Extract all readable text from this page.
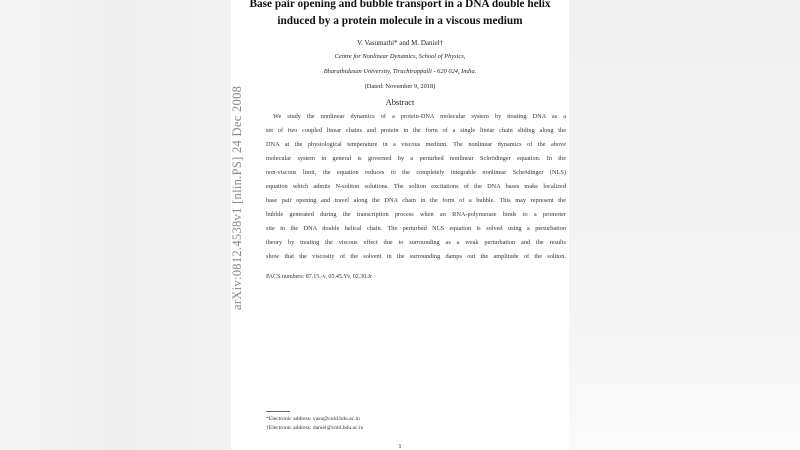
arXiv:0812.4538v1 [nlin.PS] 24 Dec 2008
Base pair opening and bubble transport in a DNA double helix
induced by a protein molecule in a viscous medium
V. Vasumathi* and M. Daniel†
Centre for Nonlinear Dynamics, School of Physics,
Bharathidasan University, Tiruchirappalli - 620 024, India.
(Dated: November 9, 2018)
Abstract
We study the nonlinear dynamics of a protein-DNA molecular system by treating DNA as a
set of two coupled linear chains and protein in the form of a single linear chain sliding along the
DNA at the physiological temperature in a viscous medium. The nonlinear dynamics of the above
molecular system in general is governed by a perturbed nonlinear Schrödinger equation. In the
non-viscous limit, the equation reduces to the completely integrable nonlinear Schrödinger (NLS)
equation which admits N-soliton solutions. The soliton excitations of the DNA bases make localized
base pair opening and travel along the DNA chain in the form of a bubble. This may represent the
bubble generated during the transcription process when an RNA-polymerase binds to a promoter
site in the DNA double helical chain. The perturbed NLS equation is solved using a perturbation
theory by treating the viscous effect due to surrounding as a weak perturbation and the results
show that the viscosity of the solvent in the surrounding damps out the amplitude of the soliton.
PACS numbers: 87.15.-v, 05.45.Yv, 02.30.Jr
*Electronic address: vasu@cnld.bdu.ac.in
†Electronic address: daniel@cnld.bdu.ac.in
1
